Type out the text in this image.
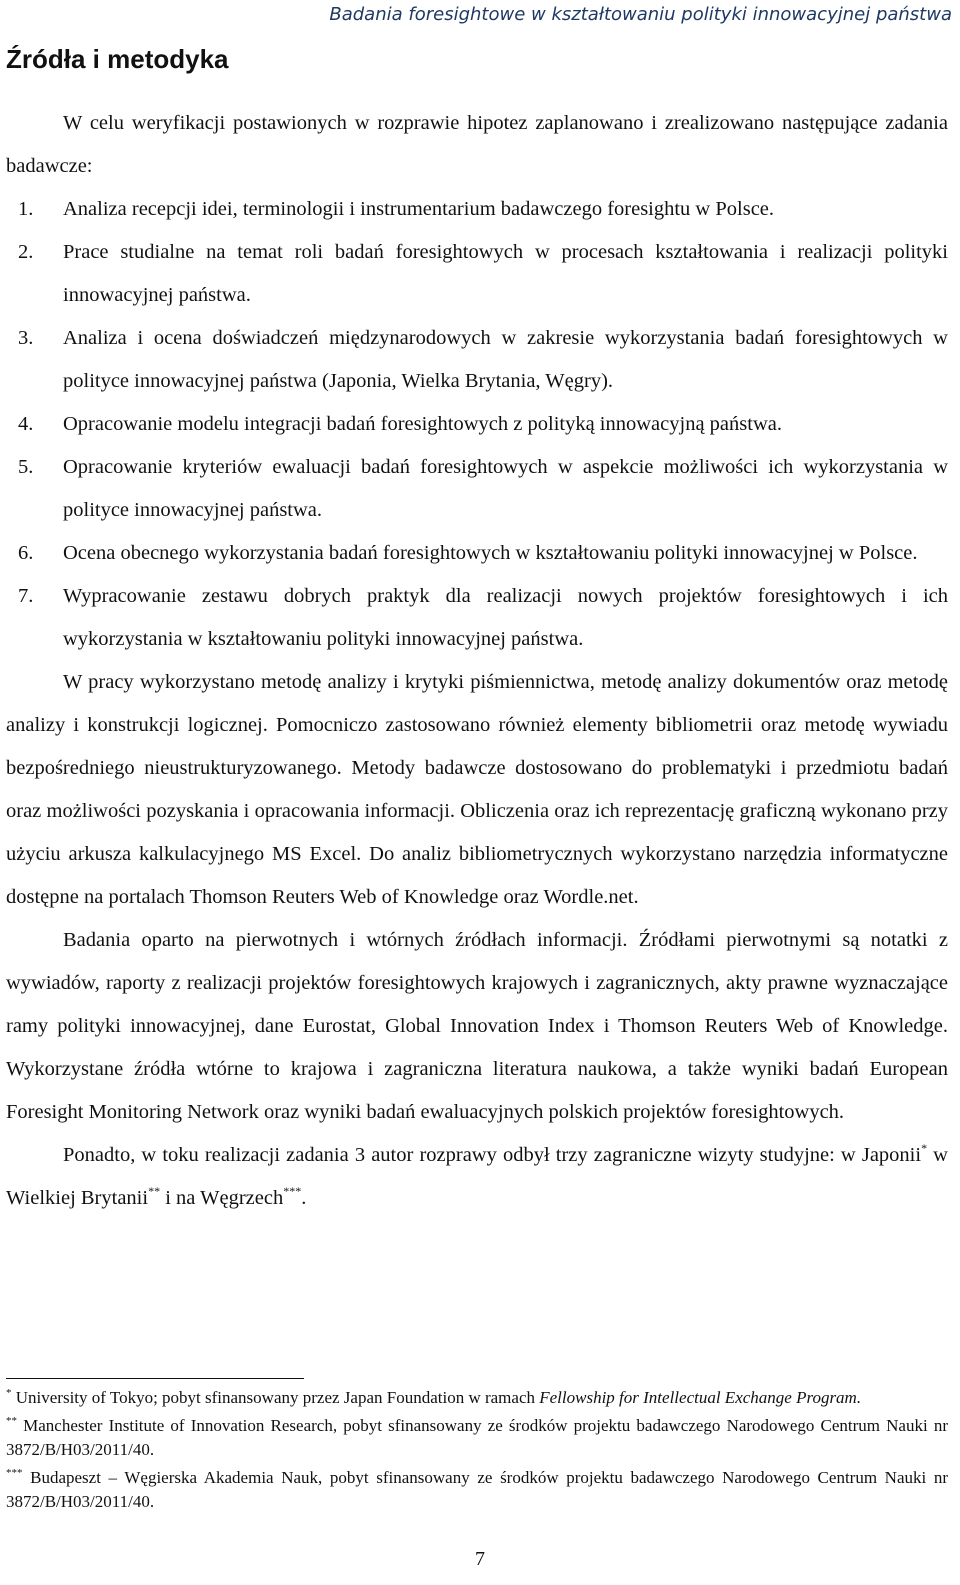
Badania foresightowe w kształtowaniu polityki innowacyjnej państwa
Źródła i metodyka

W celu weryfikacji postawionych w rozprawie hipotez zaplanowano i zrealizowano następujące zadania badawcze:

1. Analiza recepcji idei, terminologii i instrumentarium badawczego foresightu w Polsce.
2. Prace studialne na temat roli badań foresightowych w procesach kształtowania i realizacji polityki innowacyjnej państwa.
3. Analiza i ocena doświadczeń międzynarodowych w zakresie wykorzystania badań foresightowych w polityce innowacyjnej państwa (Japonia, Wielka Brytania, Węgry).
4. Opracowanie modelu integracji badań foresightowych z polityką innowacyjną państwa.
5. Opracowanie kryteriów ewaluacji badań foresightowych w aspekcie możliwości ich wykorzystania w polityce innowacyjnej państwa.
6. Ocena obecnego wykorzystania badań foresightowych w kształtowaniu polityki innowacyjnej w Polsce.
7. Wypracowanie zestawu dobrych praktyk dla realizacji nowych projektów foresightowych i ich wykorzystania w kształtowaniu polityki innowacyjnej państwa.

W pracy wykorzystano metodę analizy i krytyki piśmiennictwa, metodę analizy dokumentów oraz metodę analizy i konstrukcji logicznej. Pomocniczo zastosowano również elementy bibliometrii oraz metodę wywiadu bezpośredniego nieustrukturyzowanego. Metody badawcze dostosowano do problematyki i przedmiotu badań oraz możliwości pozyskania i opracowania informacji. Obliczenia oraz ich reprezentację graficzną wykonano przy użyciu arkusza kalkulacyjnego MS Excel. Do analiz bibliometrycznych wykorzystano narzędzia informatyczne dostępne na portalach Thomson Reuters Web of Knowledge oraz Wordle.net.

Badania oparto na pierwotnych i wtórnych źródłach informacji. Źródłami pierwotnymi są notatki z wywiadów, raporty z realizacji projektów foresightowych krajowych i zagranicznych, akty prawne wyznaczające ramy polityki innowacyjnej, dane Eurostat, Global Innovation Index i Thomson Reuters Web of Knowledge. Wykorzystane źródła wtórne to krajowa i zagraniczna literatura naukowa, a także wyniki badań European Foresight Monitoring Network oraz wyniki badań ewaluacyjnych polskich projektów foresightowych.

Ponadto, w toku realizacji zadania 3 autor rozprawy odbył trzy zagraniczne wizyty studyjne: w Japonii* w Wielkiej Brytanii** i na Węgrzech***.

* University of Tokyo; pobyt sfinansowany przez Japan Foundation w ramach Fellowship for Intellectual Exchange Program.

** Manchester Institute of Innovation Research, pobyt sfinansowany ze środków projektu badawczego Narodowego Centrum Nauki nr 3872/B/H03/2011/40.

*** Budapeszt – Węgierska Akademia Nauk, pobyt sfinansowany ze środków projektu badawczego Narodowego Centrum Nauki nr 3872/B/H03/2011/40.

7
